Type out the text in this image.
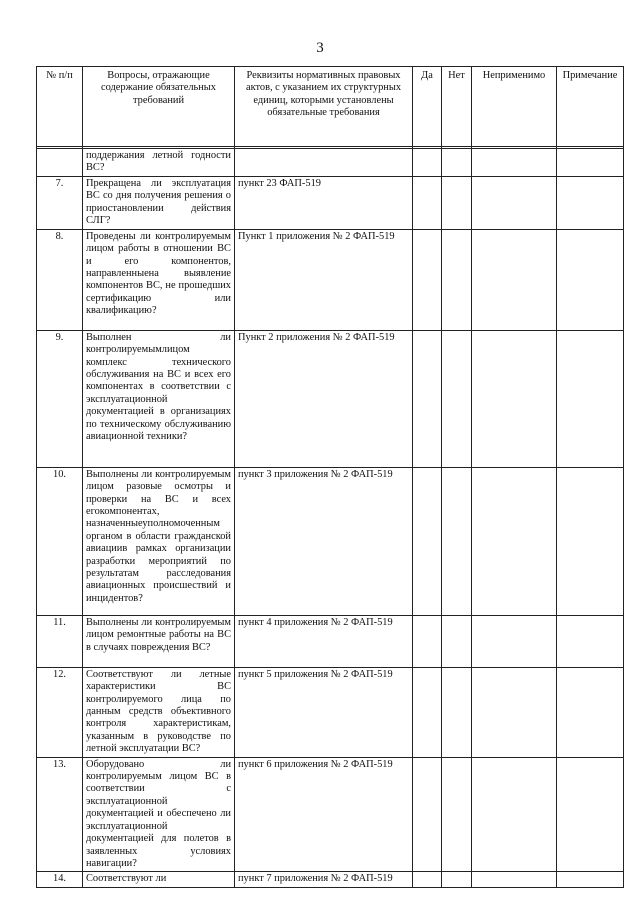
3
№ п/п	Вопросы, отражающие содержание обязательных требований	Реквизиты нормативных правовых актов, с указанием их структурных единиц, которыми установлены обязательные требования	Да	Нет	Неприменимо	Примечание

	поддержания летной годности ВС?					
7.	Прекращена ли эксплуатация ВС со дня получения решения о приостановлении действия СЛГ?	пункт 23 ФАП-519				
8.	Проведены ли контролируемым лицом работы в отношении ВС и его компонентов, направленныена выявление компонентов ВС, не прошедших сертификацию или квалификацию?	Пункт 1 приложения № 2 ФАП-519				
9.	Выполнен ли контролируемымлицом комплекс технического обслуживания на ВС и всех его компонентах в соответствии с эксплуатационной документацией в организациях по техническому обслуживанию авиационной техники?	Пункт 2 приложения № 2 ФАП-519				
10.	Выполнены ли контролируемым лицом разовые осмотры и проверки на ВС и всех егокомпонентах, назначенныеуполномоченным органом в области гражданской авиациив рамках организации разработки мероприятий по результатам расследования авиационных происшествий и инцидентов?	пункт 3 приложения № 2 ФАП-519				
11.	Выполнены ли контролируемым лицом ремонтные работы на ВС в случаях повреждения ВС?	пункт 4 приложения № 2 ФАП-519				
12.	Соответствуют ли летные характеристики ВС контролируемого лица по данным средств объективного контроля характеристикам, указанным в руководстве по летной эксплуатации ВС?	пункт 5 приложения № 2 ФАП-519				
13.	Оборудовано ли контролируемым лицом ВС в соответствии с эксплуатационной документацией и обеспечено ли эксплуатационной документацией для полетов в заявленных условиях навигации?	пункт 6 приложения № 2 ФАП-519				
14.	Соответствуют ли	пункт 7 приложения № 2 ФАП-519				
